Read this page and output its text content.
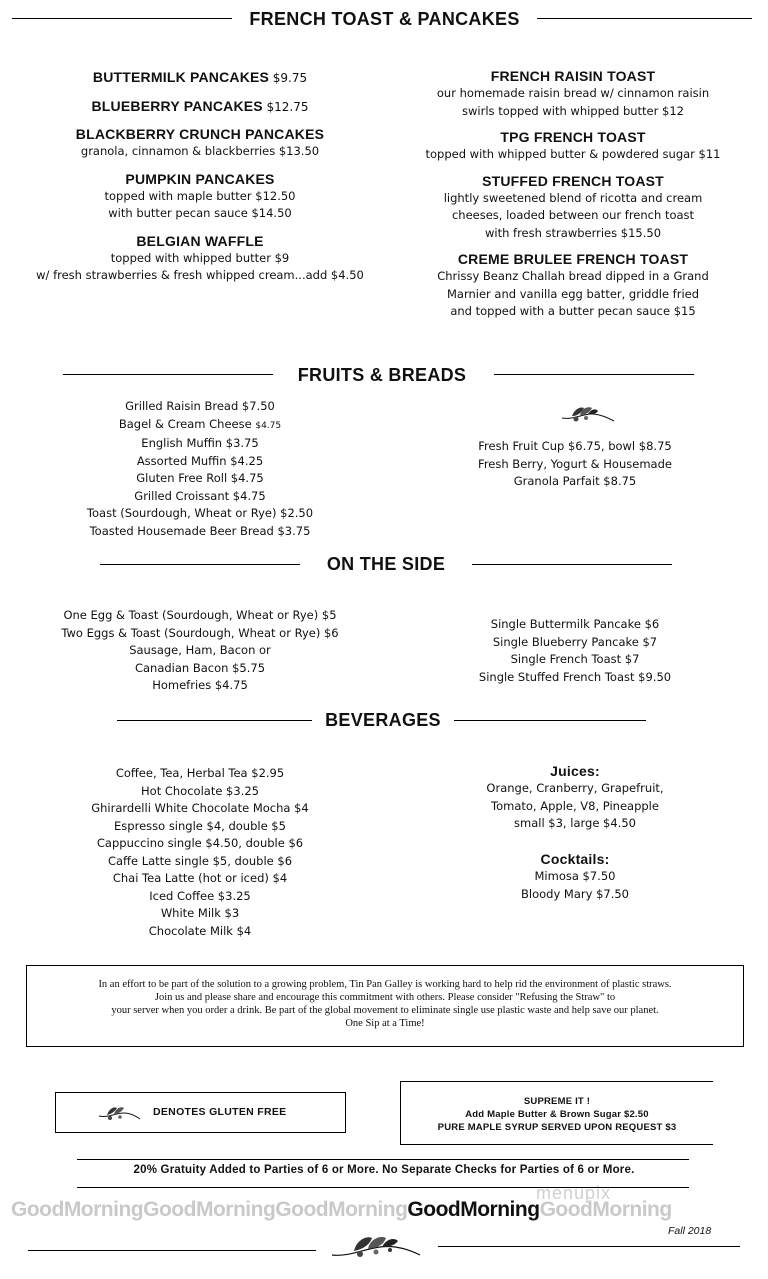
FRENCH TOAST & PANCAKES
BUTTERMILK PANCAKES $9.75
BLUEBERRY PANCAKES $12.75
BLACKBERRY CRUNCH PANCAKES
granola, cinnamon & blackberries $13.50
PUMPKIN PANCAKES
topped with maple butter $12.50
with butter pecan sauce $14.50
BELGIAN WAFFLE
topped with whipped butter $9
w/ fresh strawberries & fresh whipped cream...add $4.50
FRENCH RAISIN TOAST
our homemade raisin bread w/ cinnamon raisin
swirls topped with whipped butter $12
TPG FRENCH TOAST
topped with whipped butter & powdered sugar $11
STUFFED FRENCH TOAST
lightly sweetened blend of ricotta and cream
cheeses, loaded between our french toast
with fresh strawberries $15.50
CREME BRULEE FRENCH TOAST
Chrissy Beanz Challah bread dipped in a Grand
Marnier and vanilla egg batter, griddle fried
and topped with a butter pecan sauce $15
FRUITS & BREADS
Grilled Raisin Bread $7.50
Bagel & Cream Cheese $4.75
English Muffin $3.75
Assorted Muffin $4.25
Gluten Free Roll $4.75
Grilled Croissant $4.75
Toast (Sourdough, Wheat or Rye) $2.50
Toasted Housemade Beer Bread $3.75
Fresh Fruit Cup $6.75, bowl $8.75
Fresh Berry, Yogurt & Housemade
Granola Parfait $8.75
ON THE SIDE
One Egg & Toast (Sourdough, Wheat or Rye) $5
Two Eggs & Toast (Sourdough, Wheat or Rye) $6
Sausage, Ham, Bacon or
Canadian Bacon $5.75
Homefries $4.75
Single Buttermilk Pancake $6
Single Blueberry Pancake $7
Single French Toast $7
Single Stuffed French Toast $9.50
BEVERAGES
Coffee, Tea, Herbal Tea $2.95
Hot Chocolate $3.25
Ghirardelli White Chocolate Mocha $4
Espresso single $4, double $5
Cappuccino single $4.50, double $6
Caffe Latte single $5, double $6
Chai Tea Latte (hot or iced) $4
Iced Coffee $3.25
White Milk $3
Chocolate Milk $4
Juices:
Orange, Cranberry, Grapefruit,
Tomato, Apple, V8, Pineapple
small $3, large $4.50
Cocktails:
Mimosa $7.50
Bloody Mary $7.50
In an effort to be part of the solution to a growing problem, Tin Pan Galley is working hard to help rid the environment of plastic straws.
Join us and please share and encourage this commitment with others. Please consider "Refusing the Straw" to
your server when you order a drink. Be part of the global movement to eliminate single use plastic waste and help save our planet.
One Sip at a Time!
DENOTES GLUTEN FREE
SUPREME IT !
Add Maple Butter & Brown Sugar $2.50
PURE MAPLE SYRUP SERVED UPON REQUEST $3
20% Gratuity Added to Parties of 6 or More. No Separate Checks for Parties of 6 or More.
menupix
GoodMorningGoodMorningGoodMorningGoodMorningGoodMorning
Fall 2018
